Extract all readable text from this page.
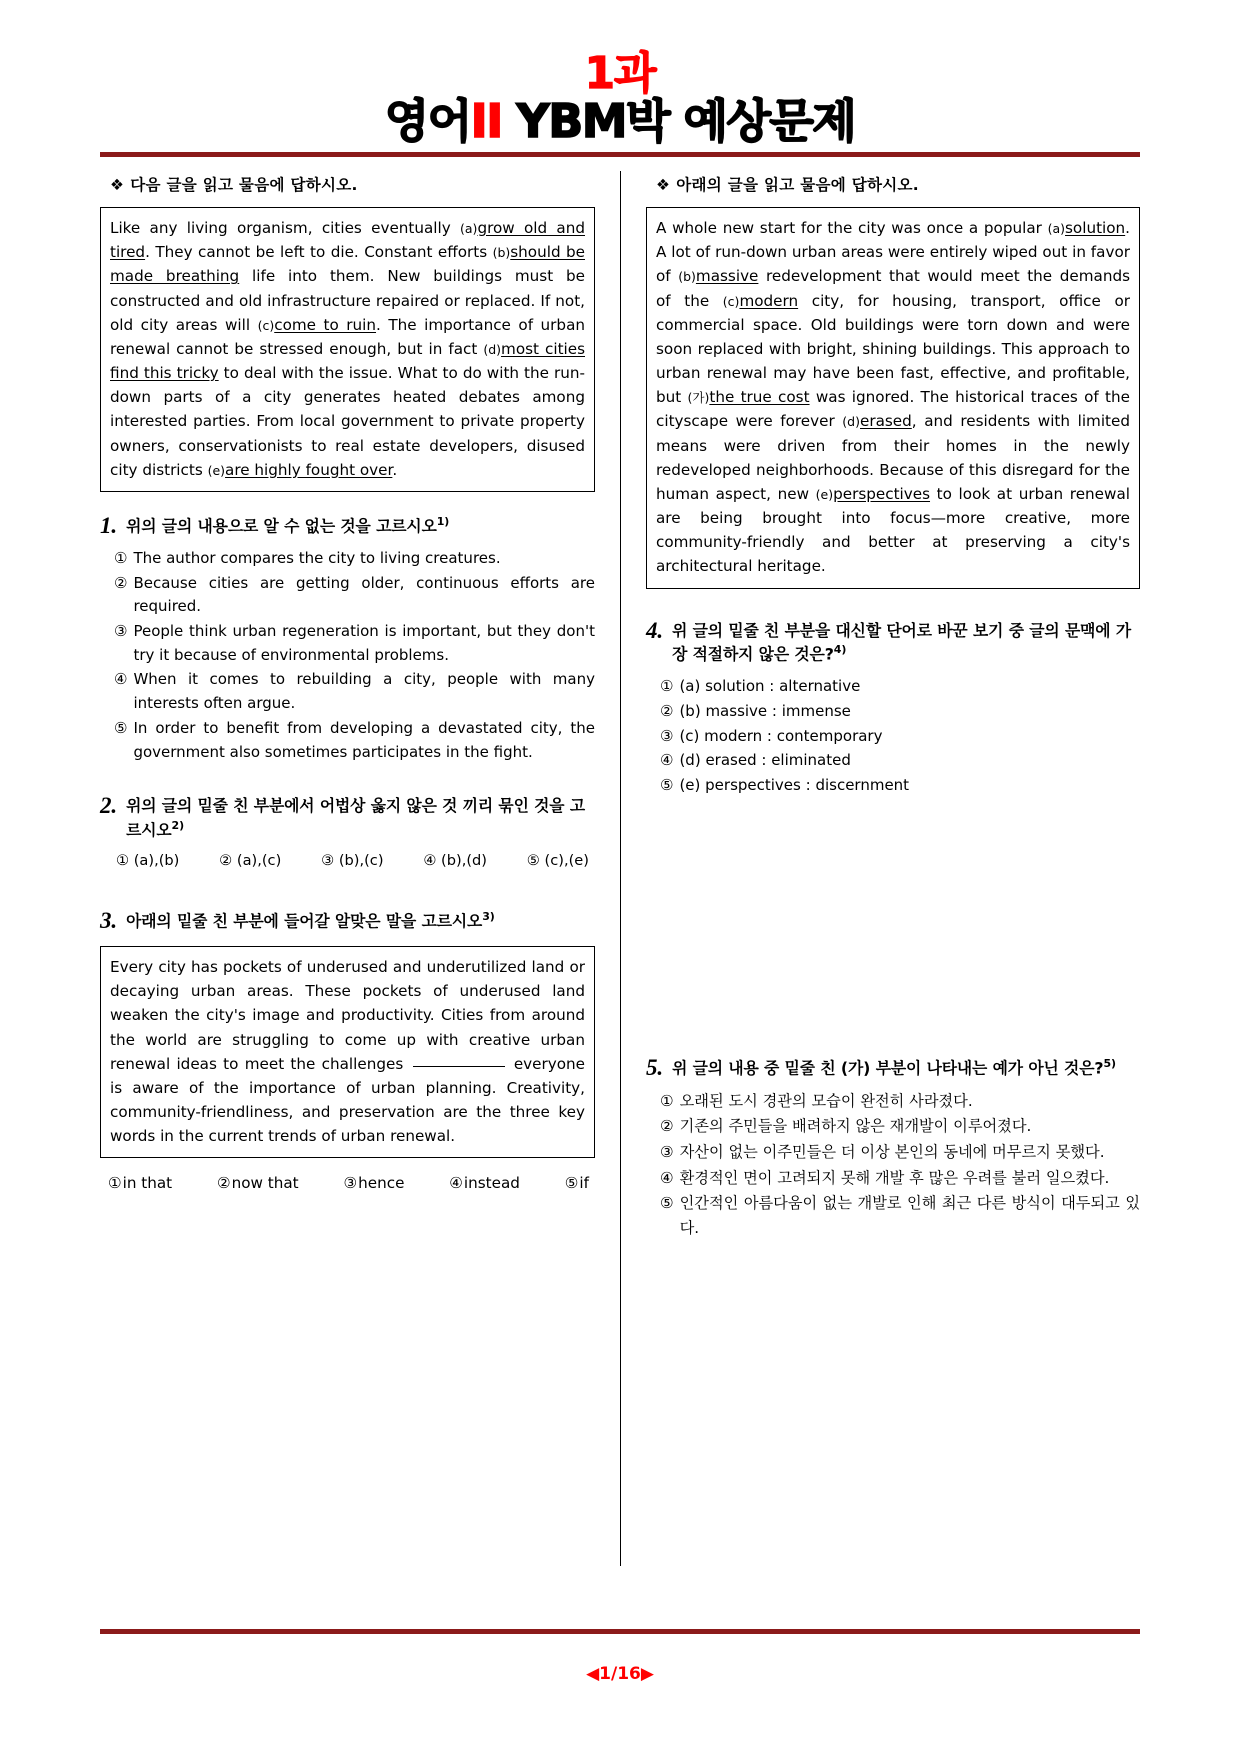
1과
영어II YBM박 예상문제
❖ 다음 글을 읽고 물음에 답하시오.
Like any living organism, cities eventually (a)grow old and tired. They cannot be left to die. Constant efforts (b)should be made breathing life into them. New buildings must be constructed and old infrastructure repaired or replaced. If not, old city areas will (c)come to ruin. The importance of urban renewal cannot be stressed enough, but in fact (d)most cities find this tricky to deal with the issue. What to do with the run-down parts of a city generates heated debates among interested parties. From local government to private property owners, conservationists to real estate developers, disused city districts (e)are highly fought over.
1. 위의 글의 내용으로 알 수 없는 것을 고르시오$^{1)}$
① The author compares the city to living creatures.
② Because cities are getting older, continuous efforts are required.
③ People think urban regeneration is important, but they don't try it because of environmental problems.
④ When it comes to rebuilding a city, people with many interests often argue.
⑤ In order to benefit from developing a devastated city, the government also sometimes participates in the fight.
2. 위의 글의 밑줄 친 부분에서 어법상 옳지 않은 것 끼리 묶인 것을 고르시오$^{2)}$
① (a),(b)	② (a),(c)	③ (b),(c)	④ (b),(d)	⑤ (c),(e)
3. 아래의 밑줄 친 부분에 들어갈 알맞은 말을 고르시오$^{3)}$
Every city has pockets of underused and underutilized land or decaying urban areas. These pockets of underused land weaken the city's image and productivity. Cities from around the world are struggling to come up with creative urban renewal ideas to meet the challenges	everyone is aware of the importance of urban planning. Creativity, community-friendliness, and preservation are the three key words in the current trends of urban renewal.
①in that	②now that	③hence	④instead	⑤if
❖ 아래의 글을 읽고 물음에 답하시오.
A whole new start for the city was once a popular (a)solution. A lot of run-down urban areas were entirely wiped out in favor of (b)massive redevelopment that would meet the demands of the (c)modern city, for housing, transport, office or commercial space. Old buildings were torn down and were soon replaced with bright, shining buildings. This approach to urban renewal may have been fast, effective, and profitable, but (가)the true cost was ignored. The historical traces of the cityscape were forever (d)erased, and residents with limited means were driven from their homes in the newly redeveloped neighborhoods. Because of this disregard for the human aspect, new (e)perspectives to look at urban renewal are being brought into focus—more creative, more community-friendly and better at preserving a city's architectural heritage.
4. 위 글의 밑줄 친 부분을 대신할 단어로 바꾼 보기 중 글의 문맥에 가장 적절하지 않은 것은?$^{4)}$
① (a) solution : alternative
② (b) massive : immense
③ (c) modern : contemporary
④ (d) erased : eliminated
⑤ (e) perspectives : discernment
5. 위 글의 내용 중 밑줄 친 (가) 부분이 나타내는 예가 아닌 것은?$^{5)}$
① 오래된 도시 경관의 모습이 완전히 사라졌다.
② 기존의 주민들을 배려하지 않은 재개발이 이루어졌다.
③ 자산이 없는 이주민들은 더 이상 본인의 동네에 머무르지 못했다.
④ 환경적인 면이 고려되지 못해 개발 후 많은 우려를 불러 일으켰다.
⑤ 인간적인 아름다움이 없는 개발로 인해 최근 다른 방식이 대두되고 있다.
◀1/16▶
